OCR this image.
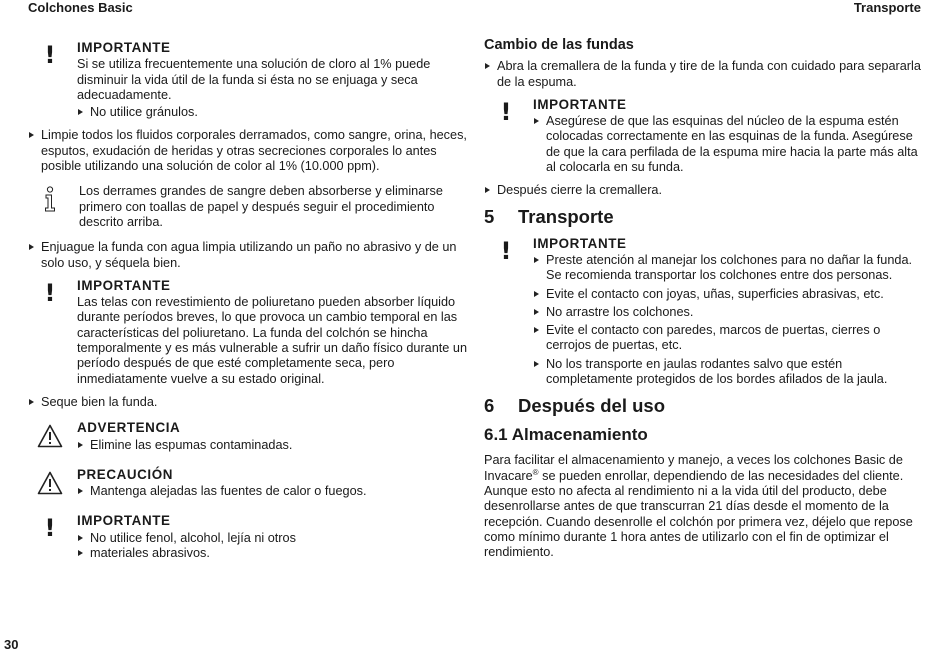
Colchones Basic	Transporte
!	IMPORTANTE

Si se utiliza frecuentemente una solución de cloro al 1% puede disminuir la vida útil de la funda si ésta no se enjuaga y seca adecuadamente.

No utilice gránulos.
Limpie todos los fluidos corporales derramados, como sangre, orina, heces, esputos, exudación de heridas y otras secreciones corporales lo antes posible utilizando una solución de color al 1% (10.000 ppm).

Los derrames grandes de sangre deben absorberse y eliminarse primero con toallas de papel y después seguir el procedimiento descrito arriba.

Enjuague la funda con agua limpia utilizando un paño no abrasivo y de un solo uso, y séquela bien.
!	IMPORTANTE

Las telas con revestimiento de poliuretano pueden absorber líquido durante períodos breves, lo que provoca un cambio temporal en las características del poliuretano. La funda del colchón se hincha temporalmente y es más vulnerable a sufrir un daño físico durante un período después de que esté completamente seca, pero inmediatamente vuelve a su estado original.

Seque bien la funda.
ADVERTENCIA
Elimine las espumas contaminadas.
PRECAUCIÓN
Mantenga alejadas las fuentes de calor o fuegos.
!	IMPORTANTE
No utilice fenol, alcohol, lejía ni otros
materiales abrasivos.
Cambio de las fundas
Abra la cremallera de la funda y tire de la funda con cuidado para separarla de la espuma.
!	IMPORTANTE
Asegúrese de que las esquinas del núcleo de la espuma estén colocadas correctamente en las esquinas de la funda. Asegúrese de que la cara perfilada de la espuma mire hacia la parte más alta al colocarla en su funda.
Después cierre la cremallera.
5 Transporte
!	IMPORTANTE
Preste atención al manejar los colchones para no dañar la funda. Se recomienda transportar los colchones entre dos personas.
Evite el contacto con joyas, uñas, superficies abrasivas, etc.
No arrastre los colchones.
Evite el contacto con paredes, marcos de puertas, cierres o cerrojos de puertas, etc.
No los transporte en jaulas rodantes salvo que estén completamente protegidos de los bordes afilados de la jaula.
6 Después del uso
6.1 Almacenamiento

Para facilitar el almacenamiento y manejo, a veces los colchones Basic de Invacare® se pueden enrollar, dependiendo de las necesidades del cliente. Aunque esto no afecta al rendimiento ni a la vida útil del producto, debe desenrollarse antes de que transcurran 21 días desde el momento de la recepción. Cuando desenrolle el colchón por primera vez, déjelo que repose como mínimo durante 1 hora antes de utilizarlo con el fin de optimizar el rendimiento.

30
